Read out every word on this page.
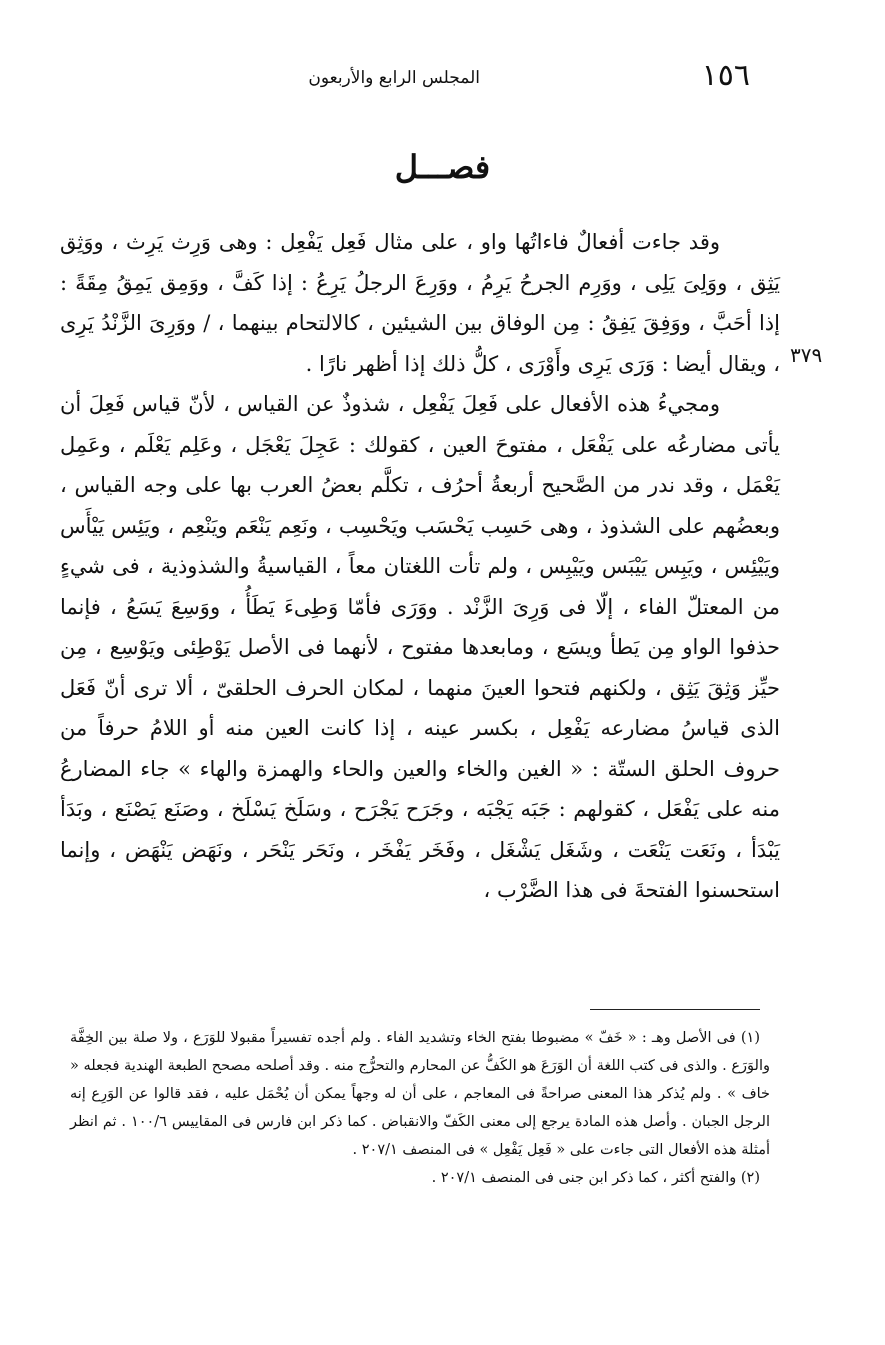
١٥٦
المجلس الرابع والأربعون
فصـــل
٣٧٩

وقد جاءت أفعالٌ فاءاتُها واو ، على مثال فَعِل يَفْعِل : وهى وَرِث يَرِث ، ووَثِق يَثِق ، ووَلِىَ يَلِى ، ووَرِم الجرحُ يَرِمُ ، ووَرِعَ الرجلُ يَرِعُ : إذا كَفَّ ، ووَمِق يَمِقُ مِقَةً : إذا أحَبَّ ، ووَفِقَ يَفِقُ : مِن الوفاق بين الشيئين ، كالالتحام بينهما ، / ووَرِىَ الزَّنْدُ يَرِى ، ويقال أيضا : وَرَى يَرِى وأَوْرَى ، كلُّ ذلك إذا أظهر نارًا .

ومجيءُ هذه الأفعال على فَعِلَ يَفْعِل ، شذوذٌ عن القياس ، لأنّ قياس فَعِلَ أن يأتى مضارعُه على يَفْعَل ، مفتوحَ العين ، كقولك : عَجِلَ يَعْجَل ، وعَلِم يَعْلَم ، وعَمِل يَعْمَل ، وقد ندر من الصَّحيح أربعةُ أحرُف ، تكلَّم بعضُ العرب بها على وجه القياس ، وبعضُهم على الشذوذ ، وهى حَسِب يَحْسَب ويَحْسِب ، ونَعِم يَنْعَم ويَنْعِم ، ويَئِس يَيْأَس ويَيْئِس ، ويَبِس يَيْبَس ويَيْبِس ، ولم تأت اللغتان معاً ، القياسيةُ والشذوذية ، فى شيءٍ من المعتلّ الفاء ، إلّا فى وَرِىَ الزَّنْد . ووَرَى فأمّا وَطِىءَ يَطَأُ ، ووَسِعَ يَسَعُ ، فإنما حذفوا الواو مِن يَطأ ويسَع ، ومابعدها مفتوح ، لأنهما فى الأصل يَوْطِئى ويَوْسِع ، مِن حيِّز وَثِقَ يَثِق ، ولكنهم فتحوا العينَ منهما ، لمكان الحرف الحلقىّ ، ألا ترى أنّ فَعَل الذى قياسُ مضارعه يَفْعِل ، بكسر عينه ، إذا كانت العين منه أو اللامُ حرفاً من حروف الحلق الستّة : « الغين والخاء والعين والحاء والهمزة والهاء » جاء المضارعُ منه على يَفْعَل ، كقولهم : جَبَه يَجْبَه ، وجَرَح يَجْرَح ، وسَلَخ يَسْلَخ ، وصَنَع يَصْنَع ، وبَدَأ يَبْدَأ ، ونَعَت يَنْعَت ، وشَغَل يَشْغَل ، وفَخَر يَفْخَر ، ونَحَر يَنْحَر ، ونَهَض يَنْهَض ، وإنما استحسنوا الفتحةَ فى هذا الضَّرْب ،

(١) فى الأصل وهـ : « خَفّ » مضبوطا بفتح الخاء وتشديد الفاء . ولم أجده تفسيراً مقبولا للوَرَع ، ولا صلة بين الخِفَّة والوَرَع . والذى فى كتب اللغة أن الوَرَعَ هو الكَفُّ عن المحارم والتحرُّج منه . وقد أصلحه مصحح الطبعة الهندية فجعله « خاف » . ولم يُذكر هذا المعنى صراحةً فى المعاجم ، على أن له وجهاً يمكن أن يُحْمَل عليه ، فقد قالوا عن الوَرِع إنه الرجل الجبان . وأصل هذه المادة يرجع إلى معنى الكَفّ والانقباض . كما ذكر ابن فارس فى المقاييس ١٠٠/٦ . ثم انظر أمثلة هذه الأفعال التى جاءت على « فَعِل يَفْعِل » فى المنصف ٢٠٧/١ .

(٢) والفتح أكثر ، كما ذكر ابن جنى فى المنصف ٢٠٧/١ .
